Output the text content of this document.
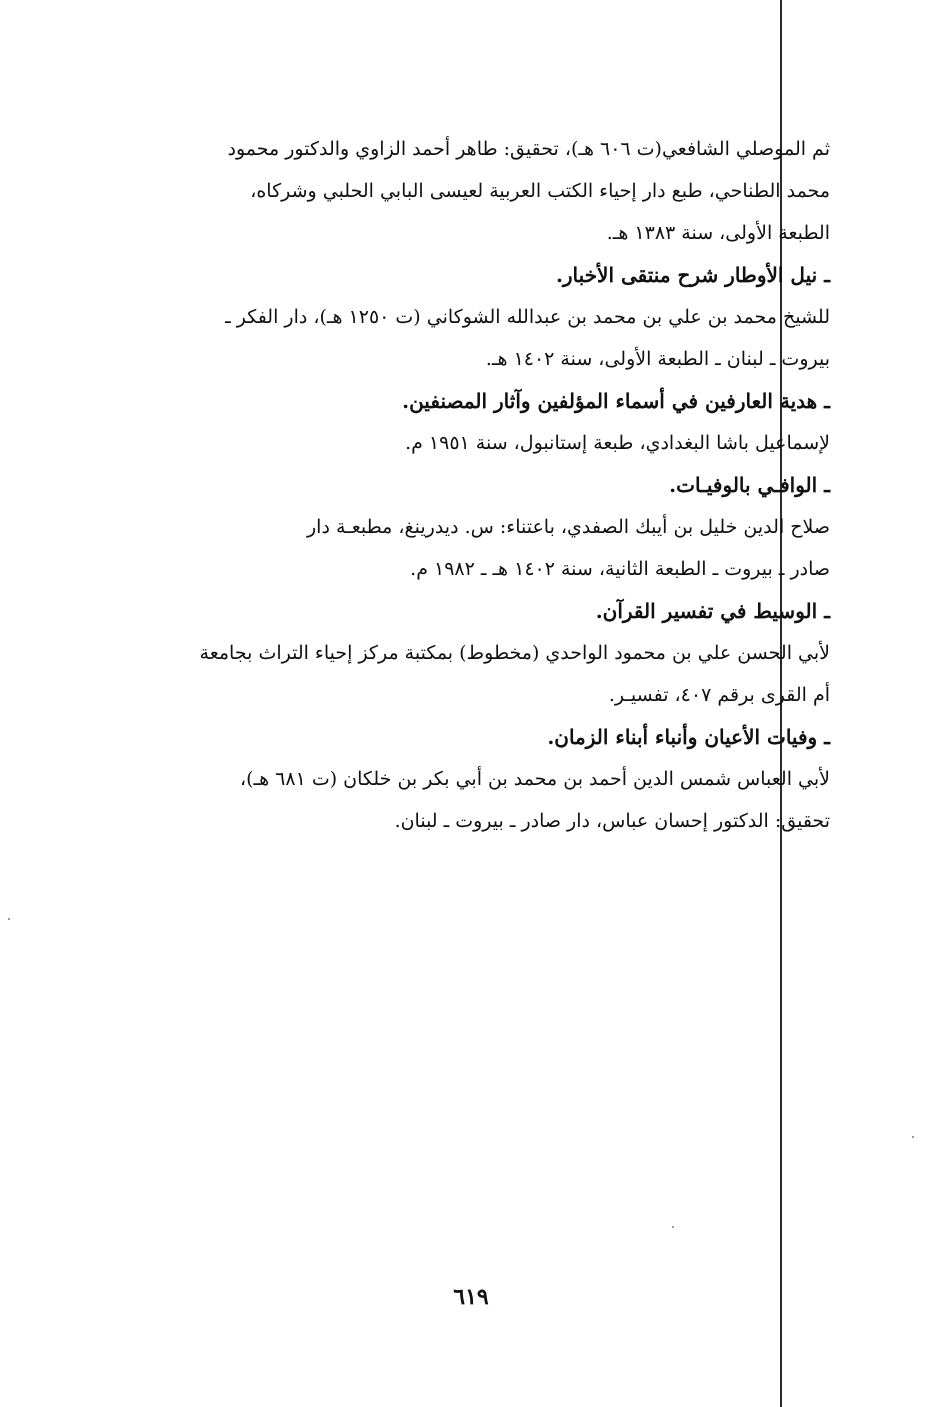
ثم الموصلي الشافعي(ت ٦٠٦ هـ)، تحقيق: طاهر أحمد الزاوي والدكتور محمود
محمد الطناحي، طبع دار إحياء الكتب العربية لعيسى البابي الحلبي وشركاه،
الطبعة الأولى، سنة ١٣٨٣ هـ.
ـ نيل الأوطار شرح منتقى الأخبار.
للشيخ محمد بن علي بن محمد بن عبدالله الشوكاني (ت ١٢٥٠ هـ)، دار الفكر ـ
بيروت ـ لبنان ـ الطبعة الأولى، سنة ١٤٠٢ هـ.
ـ هدية العارفين في أسماء المؤلفين وآثار المصنفين.
لإسماعيل باشا البغدادي، طبعة إستانبول، سنة ١٩٥١ م.
ـ الوافـي بالوفيـات.
صلاح الدين خليل بن أيبك الصفدي، باعتناء: س. ديدرينغ، مطبعـة دار
صادر ـ بيروت ـ الطبعة الثانية، سنة ١٤٠٢ هـ ـ ١٩٨٢ م.
ـ الوسيط في تفسير القرآن.
لأبي الحسن علي بن محمود الواحدي (مخطوط) بمكتبة مركز إحياء التراث بجامعة
أم القرى برقم ٤٠٧، تفسيـر.
ـ وفيات الأعيان وأنباء أبناء الزمان.
لأبي العباس شمس الدين أحمد بن محمد بن أبي بكر بن خلكان (ت ٦٨١ هـ)،
تحقيق: الدكتور إحسان عباس، دار صادر ـ بيروت ـ لبنان.
٦١٩
